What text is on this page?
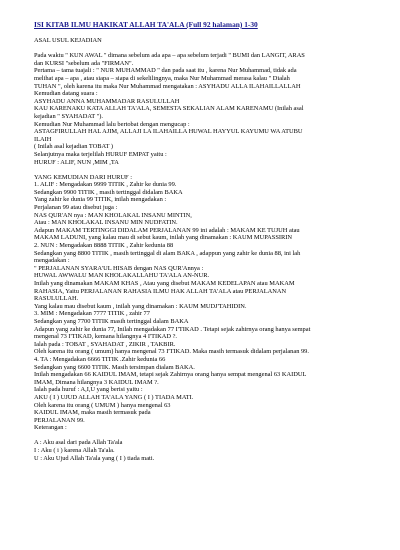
ISI KITAB ILMU HAKIKAT ALLAH TA'ALA (Full 92 halaman) 1-30
ASAL USUL KEJADIAN
Pada waktu " KUN AWAL " dimana sebelum ada apa – apa sebelum terjadi " BUMI dan LANGIT, ARAS
dan KURSI "sebelum ada "FIRMAN".
Pertama – tama tuajali : " NUR MUHAMMAD " dan pada saat itu , karena Nur Muhammad, tidak ada
melihat apa – apa , atau siapa – siapa di sekelilingnya, maka Nur Muhammad merasa kalau " Dialah
TUHAN ", oleh karena itu maka Nur Muhammad mengatakan : ASYHADU ALLA ILAHAILLALLAH
Kemudian datang suara :
ASYHADU ANNA MUHAMMADAR RASULULLAH
KAU KARENAKU KATA ALLAH TA'ALA, SEMESTA SEKALIAN ALAM KARENAMU (Inilah asal
kejadian " SYAHADAT ").
Kemudian Nur Muhammad lalu bertobat dengan mengucap :
ASTAGFIRULLAH HAL AJIM, ALLAJI LA ILAHAILLA HUWAL HAYYUL KAYUMU WA ATUBU
ILAIH
( Inilah asal kejadian TOBAT )
Selanjutnya maka terjelilah HURUF EMPAT yaitu :
HURUF : ALIF, NUN ,MIM ,TA
YANG KEMUDIAN DARI HURUF :
1. ALIF : Mengadakan 9999 TITIK , Zahir ke dunia 99.
Sedangkan 9900 TITIK , masih tertinggal didalam BAKA
Yang zahir ke dunia 99 TITIK, inilah mengadakan :
Perjalanan 99 atau disebut juga :
NAS QUR'AN nya : MAN KHOLAKAL INSANU MINTIN,
Atau : MAN KHOLAKAL INSANU MIN NUDFATIN.
Adapun MAKAM TERTINGGI DIDALAM PERJALANAN 99 ini adalah : MAKAM KE TUJUH atau
MAKAM LADUNI, yang kalau mau di sebut kaum, inilah yang dinamakan : KAUM MUPASSIRIN
2. NUN : Mengadakan 8888 TITIK , Zahir kedunia 88
Sedangkan yang 8800 TITIK , masih tertinggal di alam BAKA , adappun yang zahir ke dunia 88, ini lah
mengadakan :
" PERJALANAN SYARA'UL HISAB dengan NAS QUR'Annya :
HUWAL AWWALU MAN KHOLAKALLAHU TA'ALA AN-NUR.
Inilah yang dinamakan MAKAM KHAS , Atau yang disebut MAKAM KEDELAPAN atau MAKAM
RAHASIA, Yaitu PERJALANAN RAHASIA ILMU HAK ALLAH TA'ALA atau PERJALANAN
RASULULLAH.
Yang kalau mau disebut kaum , inilah yang dinamakan : KAUM MUDJ'TAHIDIN.
3. MIM : Mengadakan 7777 TITIK , zahir 77
Sedangkan yang 7700 TITIK masih tertinggal dalam BAKA
Adapun yang zahir ke dunia 77, Inilah mengadakan 77 I'TIKAD . Tetapi sejak zahirnya orang hanya sempat
mengenal 73 I'TIKAD, kemana hilangnya 4 I'TIKAD ?.
Ialah pada : TOBAT , SYAHADAT , ZIKIR , TAKBIR.
Oleh karena itu orang ( umum) hanya mengenal 73 I'TIKAD. Maka masih termasuk didalam perjalanan 99.
4. TA : Mengadakan 6666 TITIK .Zahir kedunia 66
Sedangkan yang 6600 TITIK. Masih tersimpan dialam BAKA.
Inilah mengadakan 66 KAIDUL IMAM, tetapi sejak Zahirnya orang hanya sempat mengenal 63 KAIDUL
IMAM, Dimana hilangnya 3 KAIDUL IMAM ?.
Ialah pada huruf : A,I,U yang berisi yaitu :
AKU ( I ) UJUD ALLAH TA'ALA YANG ( I ) TIADA MATI.
Oleh karena itu orang ( UMUM ) hanya mengenal 63
KAIDUL IMAM, maka masih termasuk pada
PERJALANAN 99.
Keterangan :
A : Aku asal dari pada Allah Ta'ala
I : Aku ( i ) karena Allah Ta'ala.
U : Aku Ujud Allah Ta'ala yang ( I ) tiada mati.
